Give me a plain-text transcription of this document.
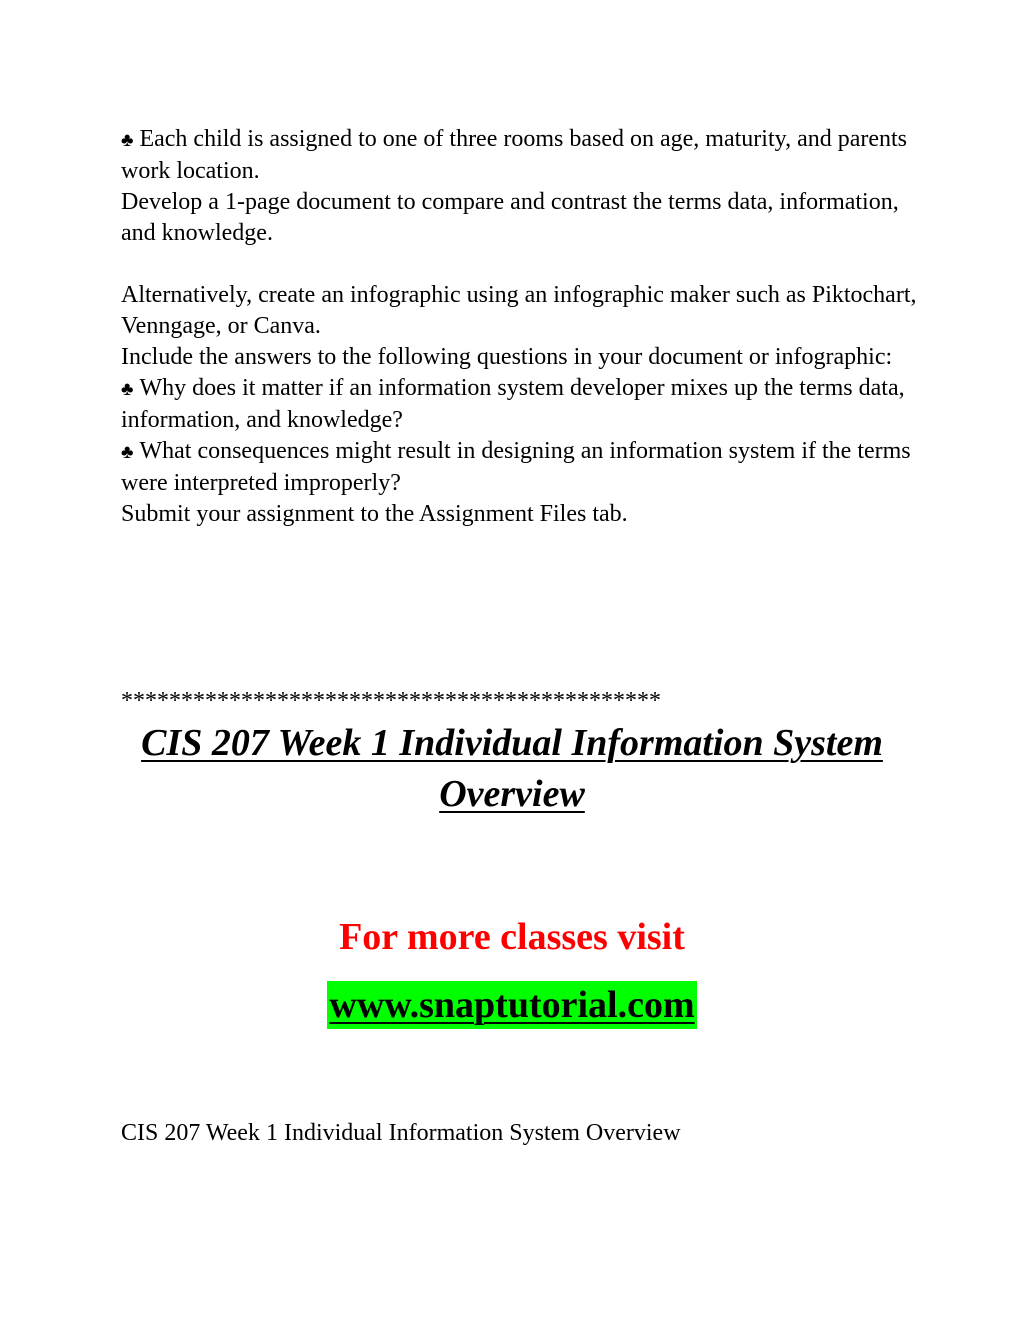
♣ Each child is assigned to one of three rooms based on age, maturity, and parents work location.

Develop a 1-page document to compare and contrast the terms data, information, and knowledge.

Alternatively, create an infographic using an infographic maker such as Piktochart, Venngage, or Canva.

Include the answers to the following questions in your document or infographic:

♣ Why does it matter if an information system developer mixes up the terms data, information, and knowledge?

♣ What consequences might result in designing an information system if the terms were interpreted improperly?

Submit your assignment to the Assignment Files tab.

*********************************************
CIS 207 Week 1 Individual Information System Overview
For more classes visit
www.snaptutorial.com
CIS 207 Week 1 Individual Information System Overview
